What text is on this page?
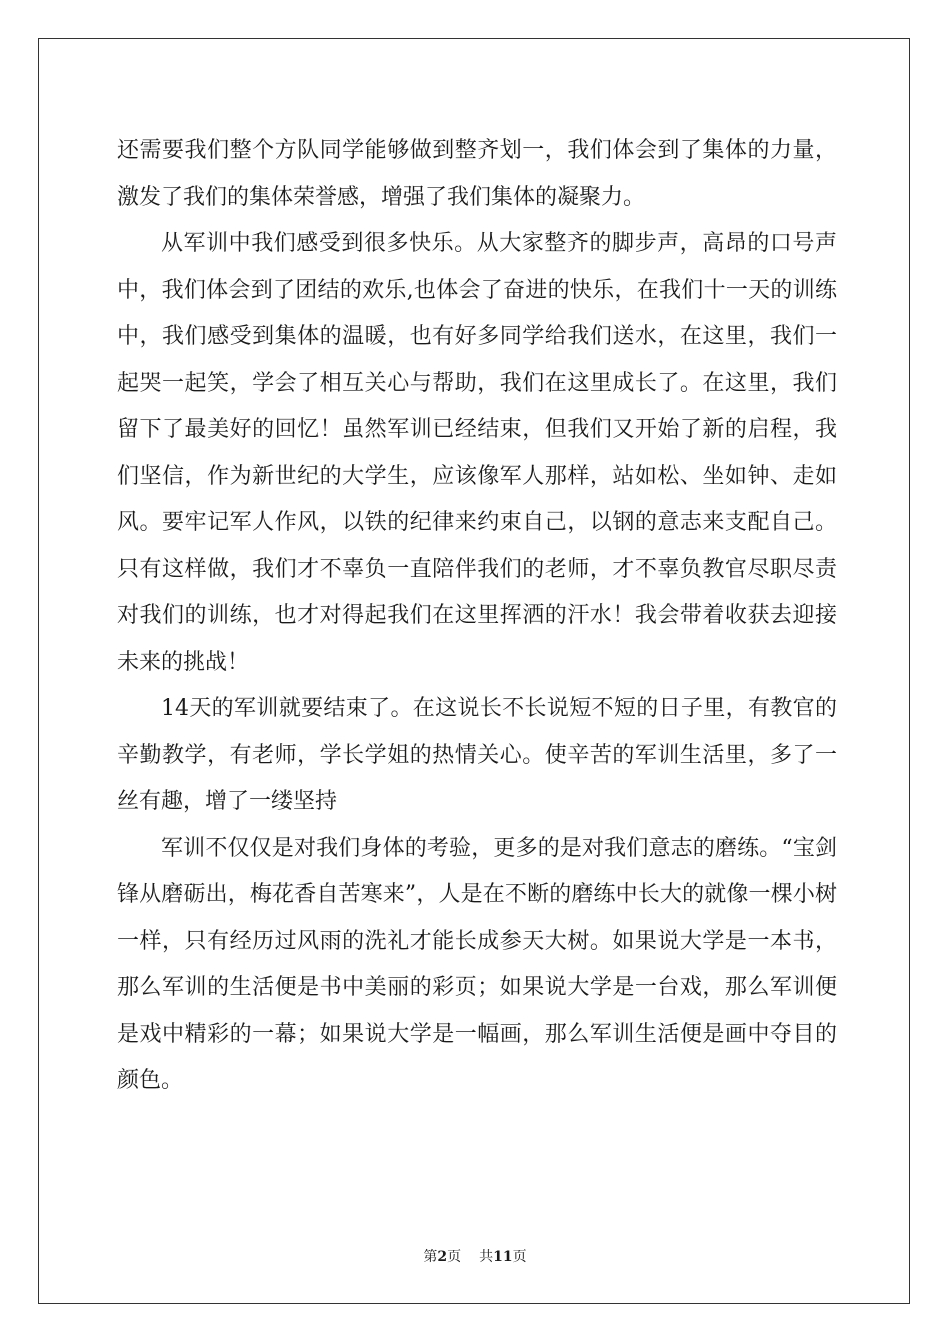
还需要我们整个方队同学能够做到整齐划一，我们体会到了集体的力量，激发了我们的集体荣誉感，增强了我们集体的凝聚力。

从军训中我们感受到很多快乐。从大家整齐的脚步声，高昂的口号声中，我们体会到了团结的欢乐,也体会了奋进的快乐，在我们十一天的训练中，我们感受到集体的温暖，也有好多同学给我们送水，在这里，我们一起哭一起笑，学会了相互关心与帮助，我们在这里成长了。在这里，我们留下了最美好的回忆！虽然军训已经结束，但我们又开始了新的启程，我们坚信，作为新世纪的大学生，应该像军人那样，站如松、坐如钟、走如风。要牢记军人作风，以铁的纪律来约束自己，以钢的意志来支配自己。只有这样做，我们才不辜负一直陪伴我们的老师，才不辜负教官尽职尽责对我们的训练，也才对得起我们在这里挥洒的汗水！我会带着收获去迎接未来的挑战！

14天的军训就要结束了。在这说长不长说短不短的日子里，有教官的辛勤教学，有老师，学长学姐的热情关心。使辛苦的军训生活里，多了一丝有趣，增了一缕坚持

军训不仅仅是对我们身体的考验，更多的是对我们意志的磨练。“宝剑锋从磨砺出，梅花香自苦寒来”，人是在不断的磨练中长大的就像一棵小树一样，只有经历过风雨的洗礼才能长成参天大树。如果说大学是一本书，那么军训的生活便是书中美丽的彩页；如果说大学是一台戏，那么军训便是戏中精彩的一幕；如果说大学是一幅画，那么军训生活便是画中夺目的颜色。

第2页 共11页
